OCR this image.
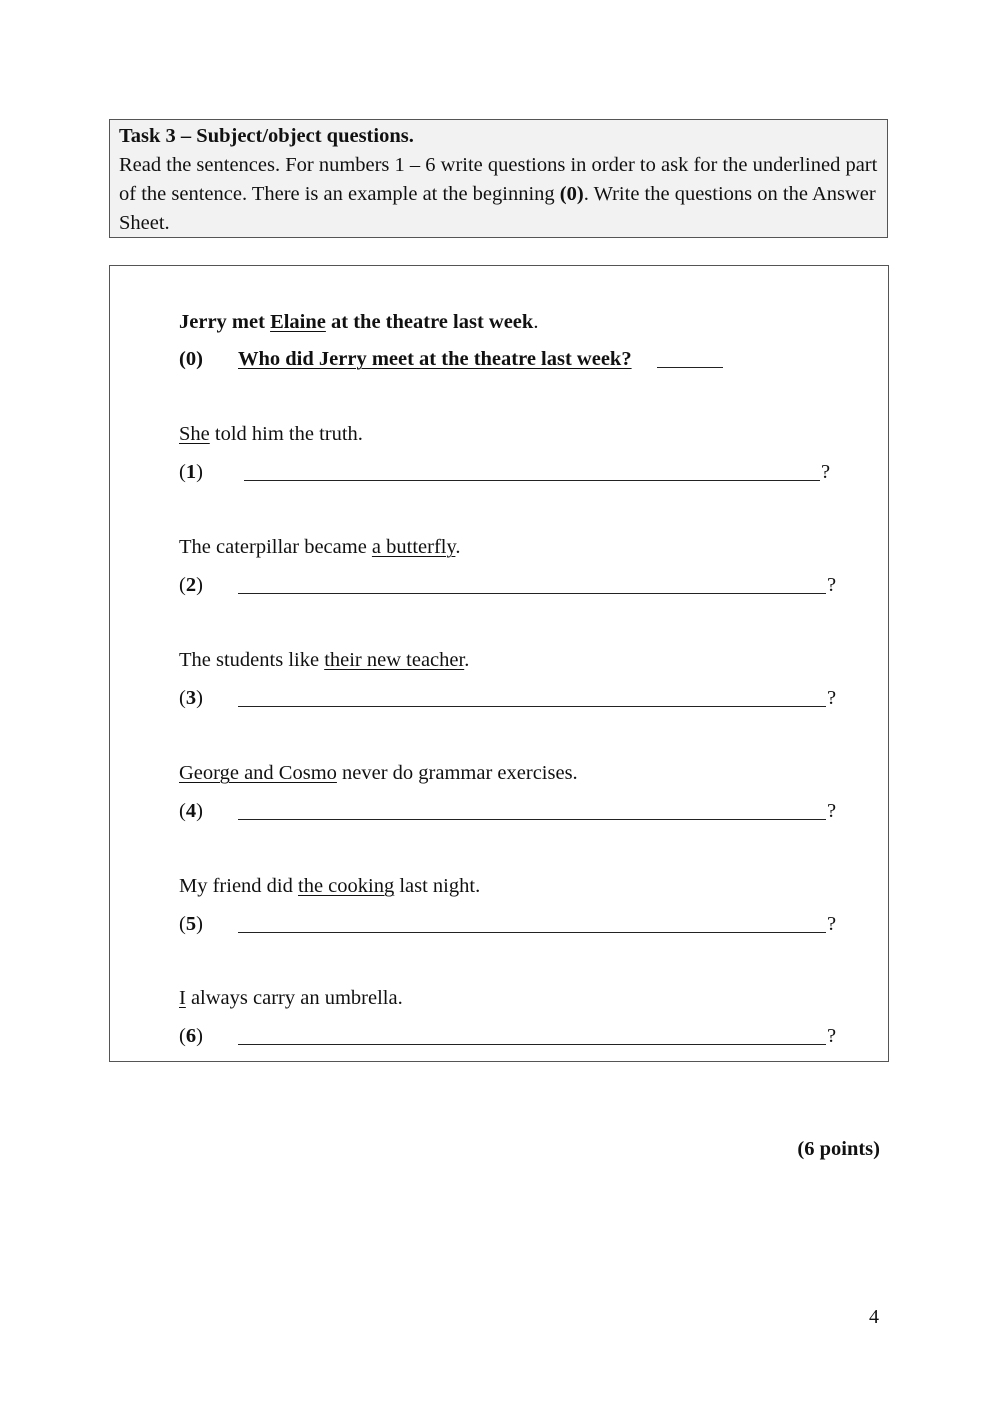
Task 3 – Subject/object questions.
Read the sentences. For numbers 1 – 6 write questions in order to ask for the underlined part of the sentence. There is an example at the beginning (0). Write the questions on the Answer Sheet.
Jerry met Elaine at the theatre last week.
(0) Who did Jerry meet at the theatre last week?
She told him the truth.
(1)	?
The caterpillar became a butterfly.
(2)	?
The students like their new teacher.
(3)	?
George and Cosmo never do grammar exercises.
(4)	?
My friend did the cooking last night.
(5)	?
I always carry an umbrella.
(6)	?
(6 points)
4
